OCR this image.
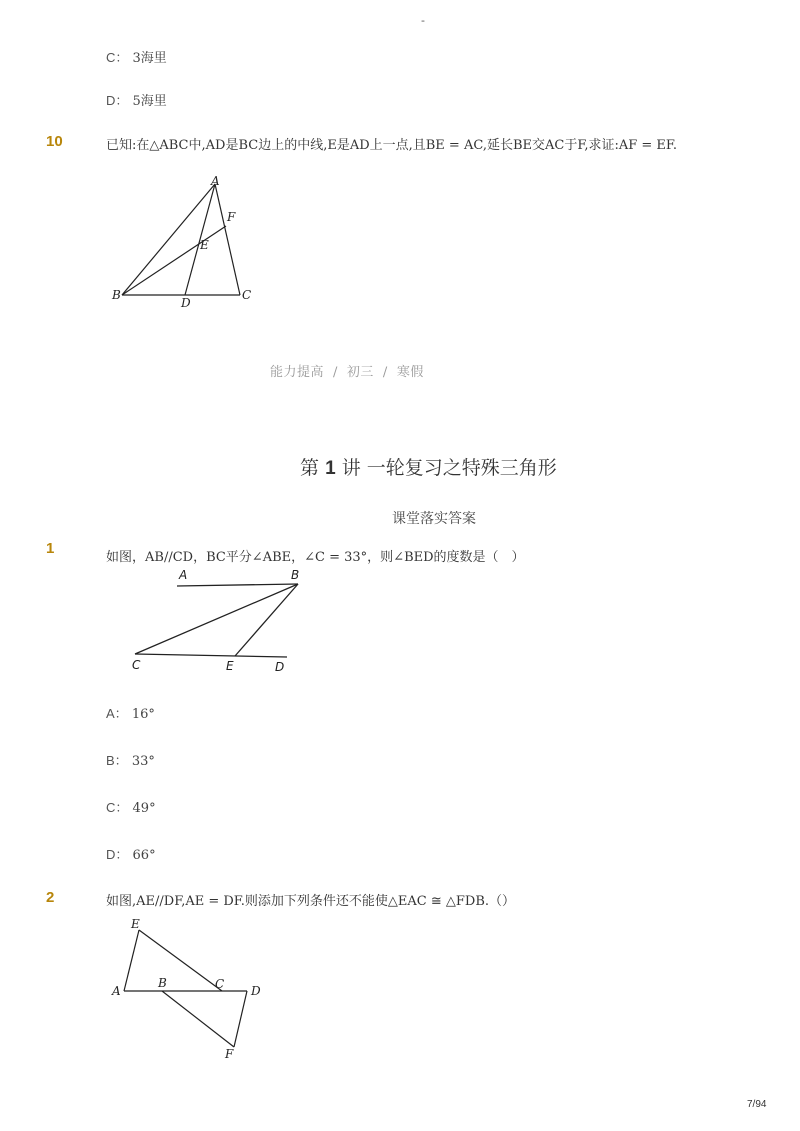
-
C： 3海里
D： 5海里
10	已知:在△ABC中,AD是BC边上的中线,E是AD上一点,且BE = AC,延长BE交AC于F,求证:AF = EF.
A
F
E
B
D
C
能力提高 / 初三 / 寒假
第 1 讲 一轮复习之特殊三角形
课堂落实答案
1
如图，AB//CD，BC平分∠ABE，∠C = 33°，则∠BED的度数是（　）
A	B
C	E	D
A： 16°
B： 33°
C： 49°
D： 66°
2	如图,AE//DF,AE = DF.则添加下列条件还不能使△EAC ≅ △FDB.（）
E
A
B	C D
F
7/94
